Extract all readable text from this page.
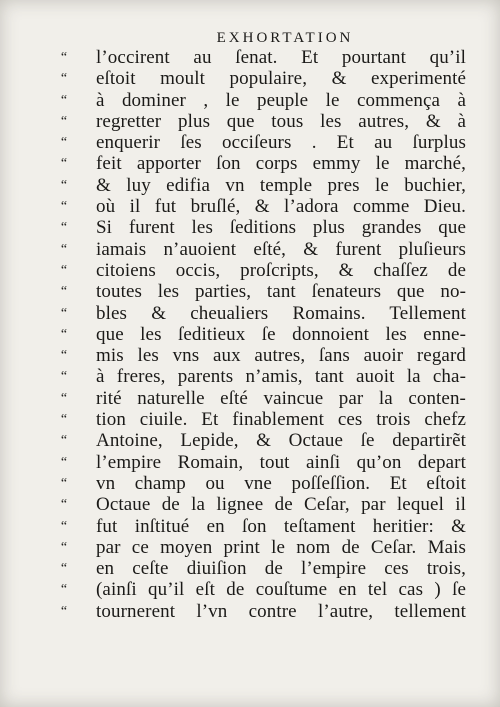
EXHORTATION
“ l’occirent au ſenat. Et pourtant qu’il
“ eſtoit moult populaire, & experimenté
“ à dominer , le peuple le commença à
“ regretter plus que tous les autres, & à
“ enquerir ſes occiſeurs . Et au ſurplus
“ feit apporter ſon corps emmy le marché,
“ & luy edifia vn temple pres le buchier,
“ où il fut bruſlé, & l’adora comme Dieu.
“ Si furent les ſeditions plus grandes que
“ iamais n’auoient eſté, & furent pluſieurs
“ citoiens occis, proſcripts, & chaſſez de
“ toutes les parties, tant ſenateurs que no-
“ bles & cheualiers Romains. Tellement
“ que les ſeditieux ſe donnoient les enne-
“ mis les vns aux autres, ſans auoir regard
“ à freres, parents n’amis, tant auoit la cha-
“ rité naturelle eſté vaincue par la conten-
“ tion ciuile. Et finablement ces trois chefz
“ Antoine, Lepide, & Octaue ſe departirẽt
“ l’empire Romain, tout ainſi qu’on depart
“ vn champ ou vne poſſeſſion. Et eſtoit
“ Octaue de la lignee de Ceſar, par lequel il
“ fut inſtitué en ſon teſtament heritier: &
“ par ce moyen print le nom de Ceſar. Mais
“ en ceſte diuiſion de l’empire ces trois,
“ (ainſi qu’il eſt de couſtume en tel cas ) ſe
“ tournerent l’vn contre l’autre, tellement
